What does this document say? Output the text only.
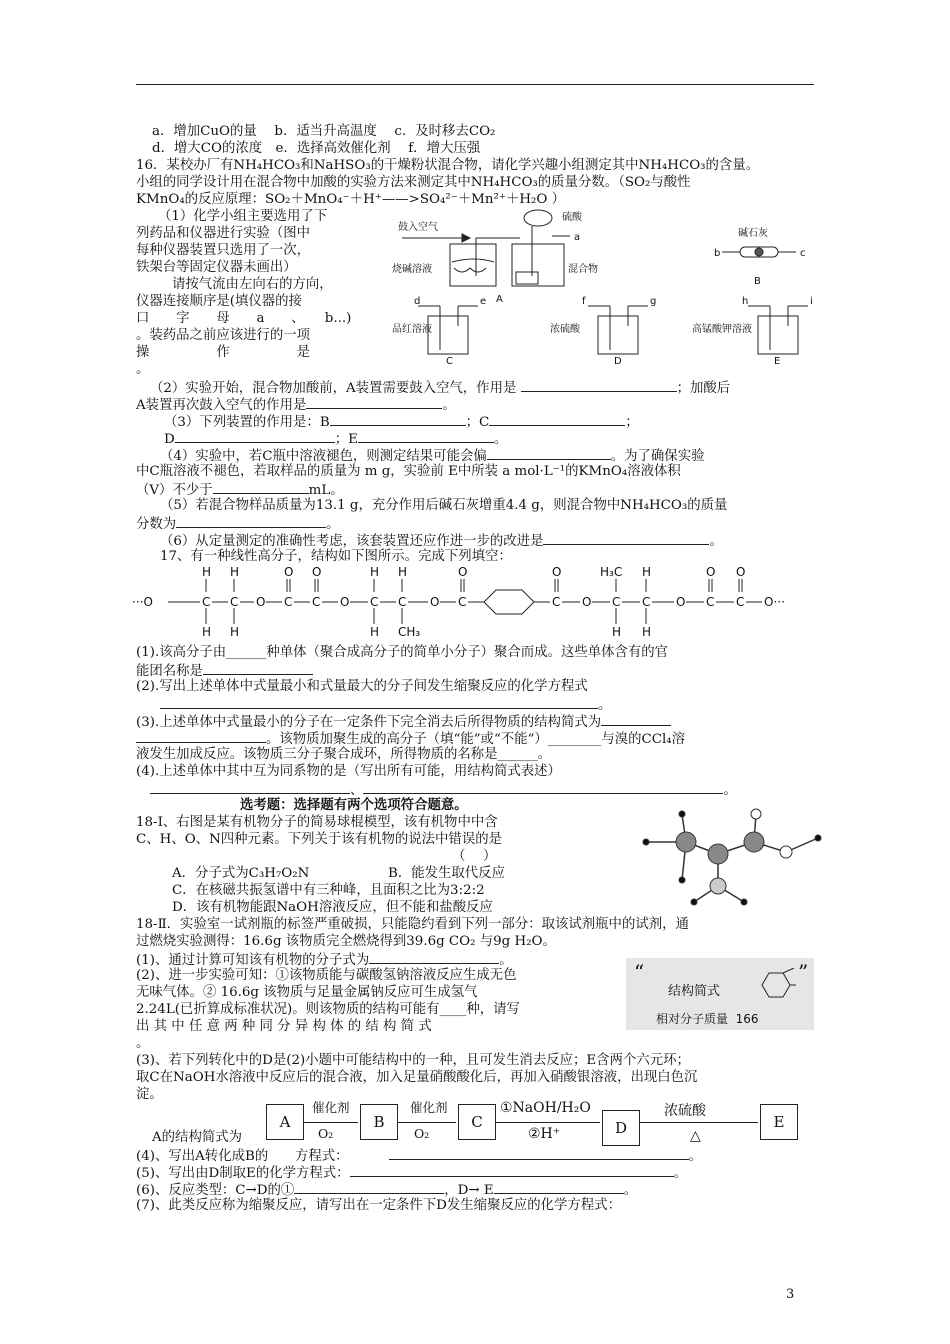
a．增加CuO的量　 b．适当升高温度　 c．及时移去CO₂
d．增大CO的浓度　e．选择高效催化剂　 f．增大压强
16．某校办厂有NH₄HCO₃和NaHSO₃的干燥粉状混合物，请化学兴趣小组测定其中NH₄HCO₃的含量。
小组的同学设计用在混合物中加酸的实验方法来测定其中NH₄HCO₃的质量分数。（SO₂与酸性
KMnO₄的反应原理：SO₂＋MnO₄⁻＋H⁺——>SO₄²⁻＋Mn²⁺＋H₂O ）
（1）化学小组主要选用了下
列药品和仪器进行实验（图中
每种仪器装置只选用了一次，
铁架台等固定仪器未画出）
请按气流由左向右的方向，
仪器连接顺序是(填仪器的接
口　　字　　母　　a　　、　　b...)
。装药品之前应该进行的一项
操　　　　　作　　　　　是
。
鼓入空气
硫酸
烧碱溶液	混合物
A
碱石灰
B
品红溶液
C
浓硫酸
D
高锰酸钾溶液
E
a
b	c
d	e	f	g	h	i
（2）实验开始，混合物加酸前，A装置需要鼓入空气，作用是	；加酸后
A装置再次鼓入空气的作用是	。
（3）下列装置的作用是：B	；C	；
D	；E	。
（4）实验中，若C瓶中溶液褪色，则测定结果可能会偏	。为了确保实验
中C瓶溶液不褪色，若取样品的质量为 m g，实验前 E中所装 a mol·L⁻¹的KMnO₄溶液体积
（V）不少于	mL。
（5）若混合物样品质量为13.1 g，充分作用后碱石灰增重4.4 g，则混合物中NH₄HCO₃的质量
分数为	。
（6）从定量测定的准确性考虑，该套装置还应作进一步的改进是	。
17、有一种线性高分子，结构如下图所示。完成下列填空：
···O	C C O C C O C C O C	C O C C O C C O···
H H
H H
O O	H H
H CH₃
O	O	H₃C H
H H
O O
(1).该高分子由______种单体（聚合成高分子的简单小分子）聚合而成。这些单体含有的官
能团名称是
(2).写出上述单体中式量最小和式量最大的分子间发生缩聚反应的化学方程式
。
(3).上述单体中式量最小的分子在一定条件下完全消去后所得物质的结构简式为
。该物质加聚生成的高分子（填“能”或“不能”）________与溴的CCl₄溶
液发生加成反应。该物质三分子聚合成环，所得物质的名称是______。
(4).上述单体中其中互为同系物的是（写出所有可能，用结构简式表述）
、	。
选考题：选择题有两个选项符合题意。
18-Ⅰ、右图是某有机物分子的简易球棍模型，该有机物中中含
C、H、O、N四种元素。下列关于该有机物的说法中错误的是
（　 ）
A．分子式为C₃H₇O₂N	B．能发生取代反应
C．在核磁共振氢谱中有三种峰，且面积之比为3:2:2
D．该有机物能跟NaOH溶液反应，但不能和盐酸反应
18-Ⅱ．实验室一试剂瓶的标签严重破损，只能隐约看到下列一部分：取该试剂瓶中的试剂，通
过燃烧实验测得：16.6g 该物质完全燃烧得到39.6g CO₂ 与9g H₂O。
(1)、通过计算可知该有机物的分子式为	。
(2)、进一步实验可知：①该物质能与碳酸氢钠溶液反应生成无色
无味气体。② 16.6g 该物质与足量金属钠反应可生成氢气
2.24L(已折算成标准状况)。则该物质的结构可能有____种，请写
出 其 中 任 意 两 种 同 分 异 构 体 的 结 构 简 式
。
“	”
结构简式
相对分子质量 166
(3)、若下列转化中的D是(2)小题中可能结构中的一种，且可发生消去反应；E含两个六元环；
取C在NaOH水溶液中反应后的混合液，加入足量硝酸酸化后，再加入硝酸银溶液，出现白色沉
淀。
A	B	C	D	E
催化剂
O₂
催化剂
O₂
①NaOH/H₂O
②H⁺
浓硫酸
△
A的结构简式为
(4)、写出A转化成B的　　方程式：	。
(5)、写出由D制取E的化学方程式：	。
(6)、反应类型：C→D的①	，D→ E	。
(7)、此类反应称为缩聚反应，请写出在一定条件下D发生缩聚反应的化学方程式：
3
